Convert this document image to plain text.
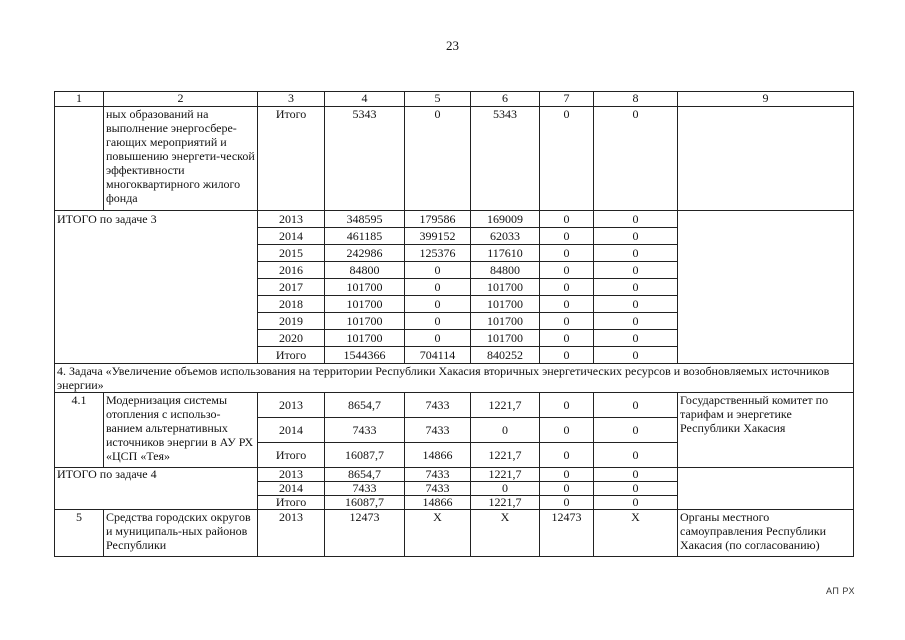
23
1	2	3	4	5	6	7	8	9
	ных образований на выполнение энергосбере-гающих мероприятий и повышению энергети-ческой эффективности многоквартирного жилого фонда	Итого	5343	0	5343	0	0	
ИТОГО по задаче 3		2013	348595	179586	169009	0	0	
		2014	461185	399152	62033	0	0	
		2015	242986	125376	117610	0	0	
		2016	84800	0	84800	0	0	
		2017	101700	0	101700	0	0	
		2018	101700	0	101700	0	0	
		2019	101700	0	101700	0	0	
		2020	101700	0	101700	0	0	
		Итого	1544366	704114	840252	0	0	
4. Задача «Увеличение объемов использования на территории Республики Хакасия вторичных энергетических ресурсов и возобновляемых источников энергии»								
4.1	Модернизация системы отопления с использо-ванием альтернативных источников энергии в АУ РХ «ЦСП «Тея»	2013	8654,7	7433	1221,7	0	0	Государственный комитет по тарифам и энергетике Республики Хакасия
		2014	7433	7433	0	0	0	
		Итого	16087,7	14866	1221,7	0	0	
ИТОГО по задаче 4		2013	8654,7	7433	1221,7	0	0	
		2014	7433	7433	0	0	0	
		Итого	16087,7	14866	1221,7	0	0	
5	Средства городских округов и муниципаль-ных районов Республики	2013	12473	X	X	12473	X	Органы местного самоуправления Республики Хакасия (по согласованию)
АП РХ
